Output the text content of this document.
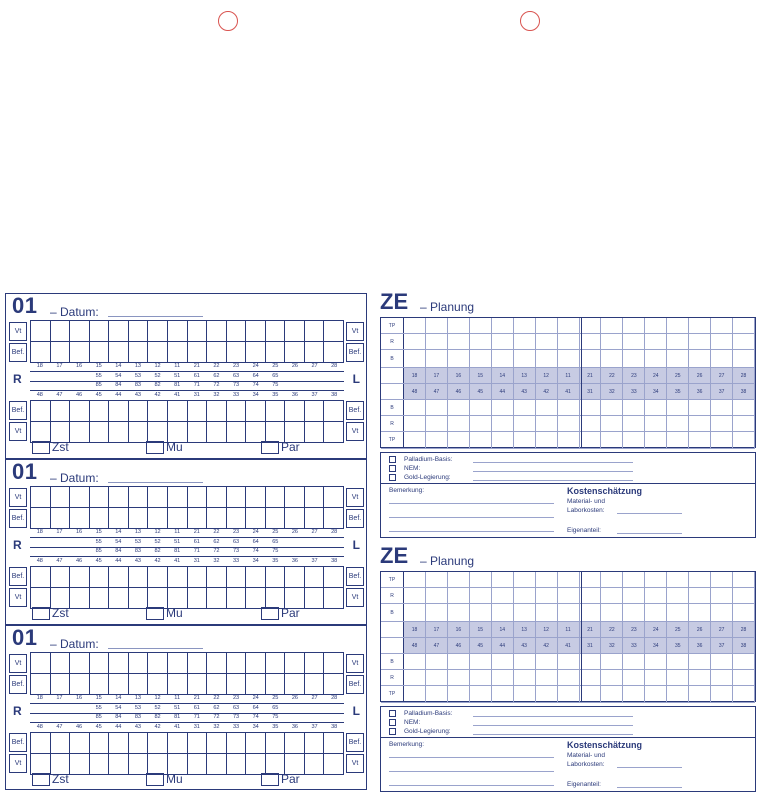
01 – Datum:
Vt	Vt
Bef.	Bef.
Bef.	Bef.
Vt	Vt
18	17	16	15	14	13	12	11	21	22	23	24	25	26	27	28
55	54	53	52	51	61	62	63	64	65
85	84	83	82	81	71	72	73	74	75
48	47	46	45	44	43	42	41	31	32	33	34	35	36	37	38
R	L
Zst	Mu	Par
01 – Datum:
Vt	Vt
Bef.	Bef.
Bef.	Bef.
Vt	Vt
18	17	16	15	14	13	12	11	21	22	23	24	25	26	27	28
55	54	53	52	51	61	62	63	64	65
85	84	83	82	81	71	72	73	74	75
48	47	46	45	44	43	42	41	31	32	33	34	35	36	37	38
R	L
Zst	Mu	Par
01 – Datum:
Vt	Vt
Bef.	Bef.
Bef.	Bef.
Vt	Vt
18	17	16	15	14	13	12	11	21	22	23	24	25	26	27	28
55	54	53	52	51	61	62	63	64	65
85	84	83	82	81	71	72	73	74	75
48	47	46	45	44	43	42	41	31	32	33	34	35	36	37	38
R	L
Zst	Mu	Par
ZE – Planung
TP
R
B
18	17	16	15	14	13	12	11	21	22	23	24	25	26	27	28
48	47	46	45	44	43	42	41	31	32	33	34	35	36	37	38
B
R
TP
Palladium-Basis:
NEM:
Gold-Legierung:
Bemerkung:	Kostenschätzung
Material- und
Laborkosten:
Eigenanteil:
ZE – Planung
TP
R
B
18	17	16	15	14	13	12	11	21	22	23	24	25	26	27	28
48	47	46	45	44	43	42	41	31	32	33	34	35	36	37	38
B
R
TP
Palladium-Basis:
NEM:
Gold-Legierung:
Bemerkung:	Kostenschätzung
Material- und
Laborkosten:
Eigenanteil:
